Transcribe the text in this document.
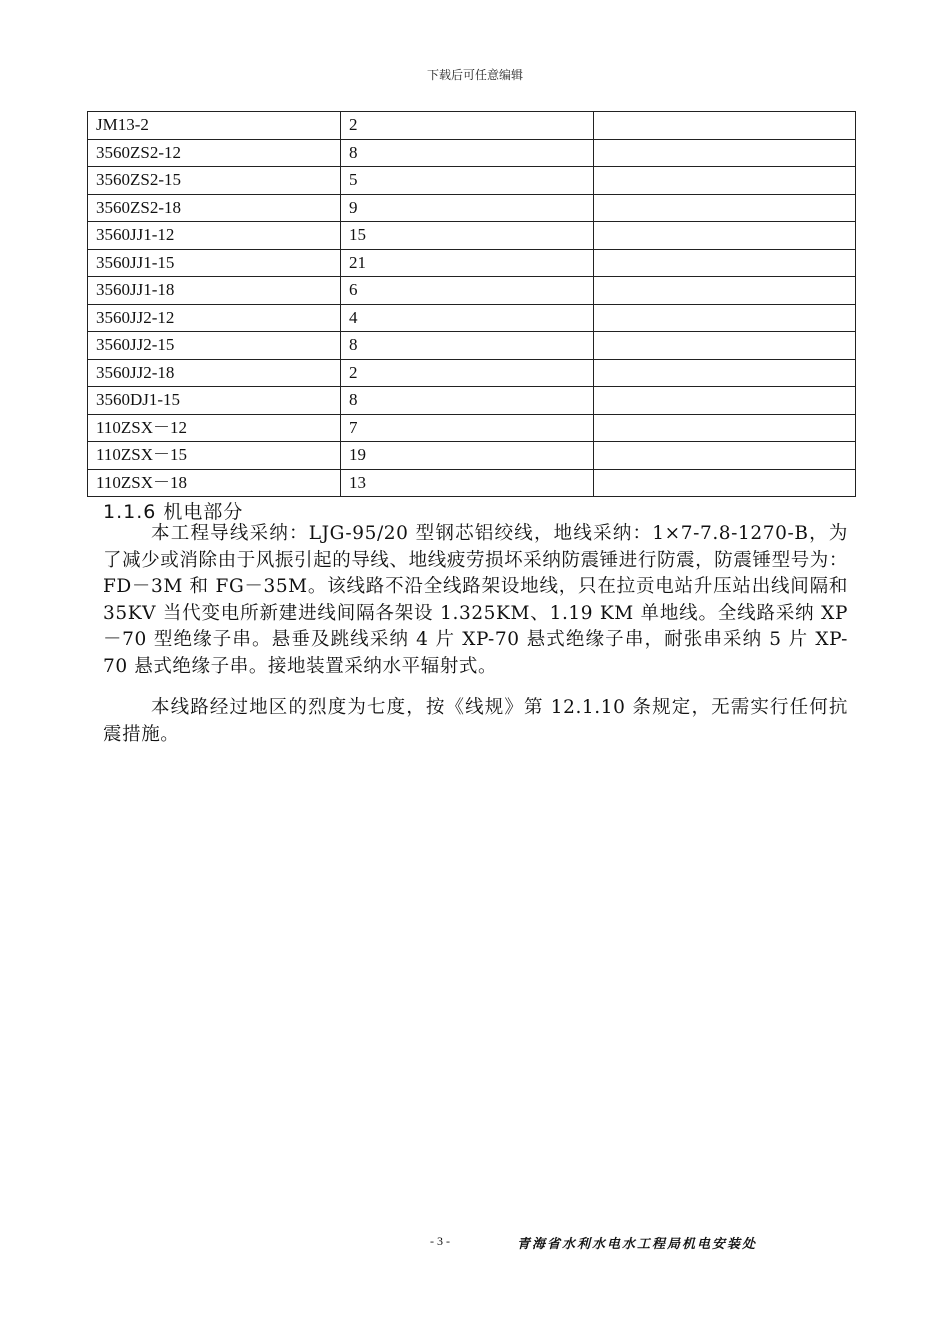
下载后可任意编辑
JM13-2	2	
3560ZS2-12	8	
3560ZS2-15	5	
3560ZS2-18	9	
3560JJ1-12	15	
3560JJ1-15	21	
3560JJ1-18	6	
3560JJ2-12	4	
3560JJ2-15	8	
3560JJ2-18	2	
3560DJ1-15	8	
110ZSX－12	7	
110ZSX－15	19	
110ZSX－18	13	
1.1.6 机电部分
本工程导线采纳：LJG-95/20 型钢芯铝绞线，地线采纳：1×7-7.8-1270-B，为了减少或消除由于风振引起的导线、地线疲劳损坏采纳防震锤进行防震，防震锤型号为：FD－3M 和 FG－35M。该线路不沿全线路架设地线，只在拉贡电站升压站出线间隔和 35KV 当代变电所新建进线间隔各架设 1.325KM、1.19 KM 单地线。全线路采纳 XP－70 型绝缘子串。悬垂及跳线采纳 4 片 XP-70 悬式绝缘子串，耐张串采纳 5 片 XP-70 悬式绝缘子串。接地装置采纳水平辐射式。
本线路经过地区的烈度为七度，按《线规》第 12.1.10 条规定，无需实行任何抗震措施。
- 3 -	青海省水利水电水工程局机电安装处
